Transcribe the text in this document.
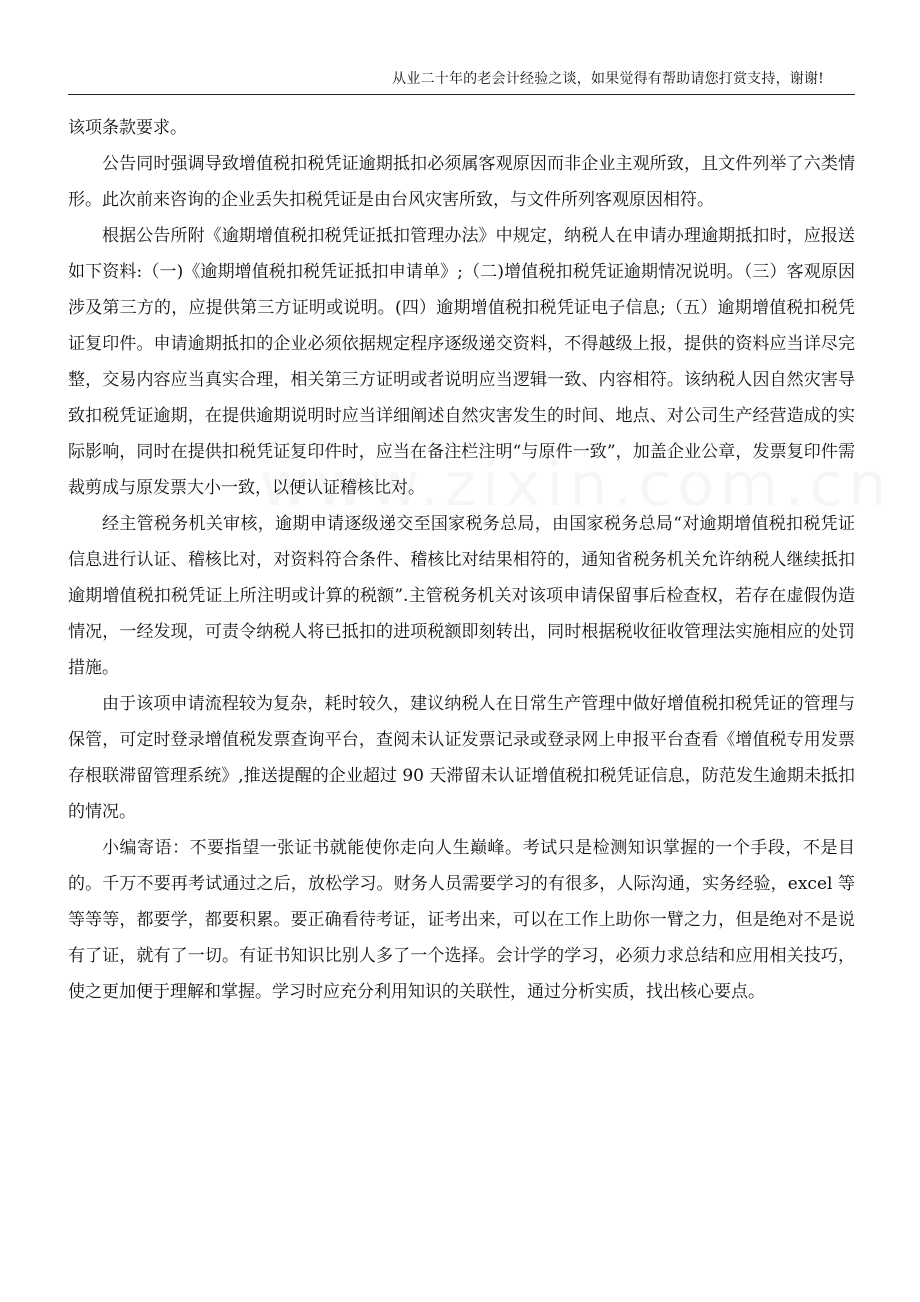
从业二十年的老会计经验之谈，如果觉得有帮助请您打赏支持，谢谢!

该项条款要求。

公告同时强调导致增值税扣税凭证逾期抵扣必须属客观原因而非企业主观所致，且文件列举了六类情形。此次前来咨询的企业丢失扣税凭证是由台风灾害所致，与文件所列客观原因相符。

根据公告所附《逾期增值税扣税凭证抵扣管理办法》中规定，纳税人在申请办理逾期抵扣时，应报送如下资料:（一)《逾期增值税扣税凭证抵扣申请单》;（二)增值税扣税凭证逾期情况说明。（三）客观原因涉及第三方的，应提供第三方证明或说明。(四）逾期增值税扣税凭证电子信息;（五）逾期增值税扣税凭证复印件。申请逾期抵扣的企业必须依据规定程序逐级递交资料，不得越级上报，提供的资料应当详尽完整，交易内容应当真实合理，相关第三方证明或者说明应当逻辑一致、内容相符。该纳税人因自然灾害导致扣税凭证逾期，在提供逾期说明时应当详细阐述自然灾害发生的时间、地点、对公司生产经营造成的实际影响，同时在提供扣税凭证复印件时，应当在备注栏注明“与原件一致”，加盖企业公章，发票复印件需裁剪成与原发票大小一致，以便认证稽核比对。

经主管税务机关审核，逾期申请逐级递交至国家税务总局，由国家税务总局“对逾期增值税扣税凭证信息进行认证、稽核比对，对资料符合条件、稽核比对结果相符的，通知省税务机关允许纳税人继续抵扣逾期增值税扣税凭证上所注明或计算的税额”.主管税务机关对该项申请保留事后检查权，若存在虚假伪造情况，一经发现，可责令纳税人将已抵扣的进项税额即刻转出，同时根据税收征收管理法实施相应的处罚措施。

由于该项申请流程较为复杂，耗时较久，建议纳税人在日常生产管理中做好增值税扣税凭证的管理与保管，可定时登录增值税发票查询平台，查阅未认证发票记录或登录网上申报平台查看《增值税专用发票存根联滞留管理系统》,推送提醒的企业超过 90 天滞留未认证增值税扣税凭证信息，防范发生逾期未抵扣的情况。

小编寄语：不要指望一张证书就能使你走向人生巅峰。考试只是检测知识掌握的一个手段，不是目的。千万不要再考试通过之后，放松学习。财务人员需要学习的有很多，人际沟通，实务经验，excel 等等等等，都要学，都要积累。要正确看待考证，证考出来，可以在工作上助你一臂之力，但是绝对不是说有了证，就有了一切。有证书知识比别人多了一个选择。会计学的学习，必须力求总结和应用相关技巧，使之更加便于理解和掌握。学习时应充分利用知识的关联性，通过分析实质，找出核心要点。
